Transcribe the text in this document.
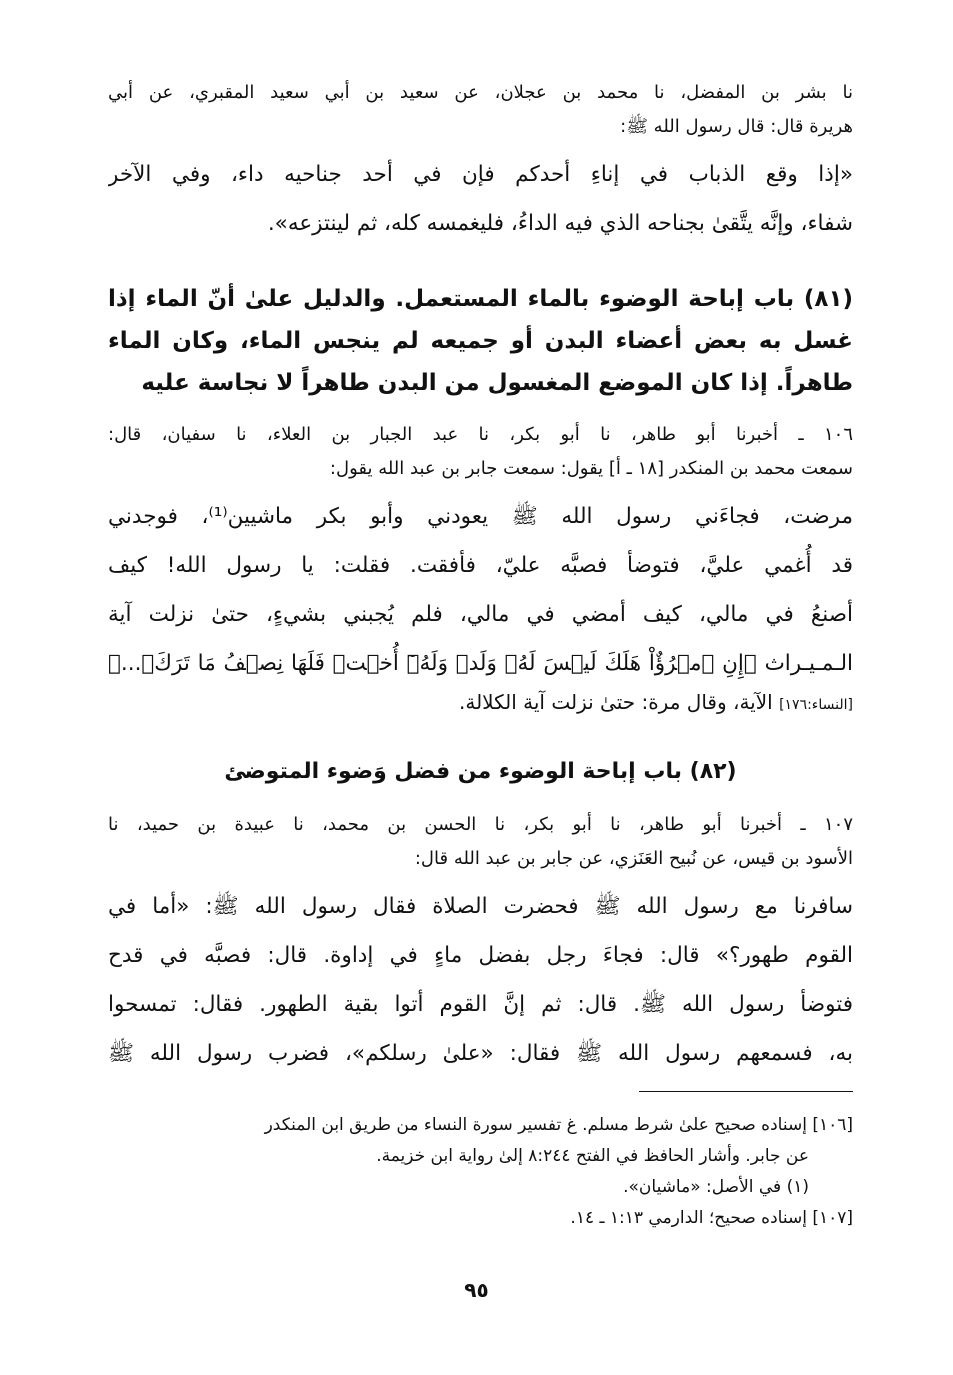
نا بشر بن المفضل، نا محمد بن عجلان، عن سعيد بن أبي سعيد المقبري، عن أبي
هريرة قال: قال رسول الله ﷺ:
«إذا وقع الذباب في إناءِ أحدكم فإن في أحد جناحيه داء، وفي الآخر
شفاء، وإنَّه يتَّقىٰ بجناحه الذي فيه الداءُ، فليغمسه كله، ثم لينتزعه».
(٨١) باب إباحة الوضوء بالماء المستعمل. والدليل علىٰ أنّ الماء إذا
غسل به بعض أعضاء البدن أو جميعه لم ينجس الماء، وكان الماء
طاهراً. إذا كان الموضع المغسول من البدن طاهراً لا نجاسة عليه
١٠٦ ـ أخبرنا أبو طاهر، نا أبو بكر، نا عبد الجبار بن العلاء، نا سفيان، قال:
سمعت محمد بن المنكدر [١٨ ـ أ] يقول: سمعت جابر بن عبد الله يقول:
مرضت، فجاءَني رسول الله ﷺ يعودني وأبو بكر ماشيين⁽¹⁾، فوجدني
قد أُغمي عليَّ، فتوضأ فصبَّه عليّ، فأفقت. فقلت: يا رسول الله! كيف
أصنعُ في مالي، كيف أمضي في مالي، فلم يُجبني بشيءٍ، حتىٰ نزلت آية
الـمـيـراث ﴿إِنِ ٱمۡرُؤٌاْ هَلَكَ لَيۡسَ لَهُۥ وَلَدٞ وَلَهُۥٓ أُخۡتٞ فَلَهَا نِصۡفُ مَا تَرَكَۚ...﴾
[النساء:١٧٦] الآية، وقال مرة: حتىٰ نزلت آية الكلالة.
(٨٢) باب إباحة الوضوء من فضل وَضوء المتوضئ
١٠٧ ـ أخبرنا أبو طاهر، نا أبو بكر، نا الحسن بن محمد، نا عبيدة بن حميد، نا
الأسود بن قيس، عن نُبيح العَنَزي، عن جابر بن عبد الله قال:
سافرنا مع رسول الله ﷺ فحضرت الصلاة فقال رسول الله ﷺ: «أما في
القوم طهور؟» قال: فجاءَ رجل بفضل ماءٍ في إداوة. قال: فصبَّه في قدح
فتوضأ رسول الله ﷺ. قال: ثم إنَّ القوم أتوا بقية الطهور. فقال: تمسحوا
به، فسمعهم رسول الله ﷺ فقال: «علىٰ رسلكم»، فضرب رسول الله ﷺ
[١٠٦] إسناده صحيح علىٰ شرط مسلم. غ تفسير سورة النساء من طريق ابن المنكدر
عن جابر. وأشار الحافظ في الفتح ٨:٢٤٤ إلىٰ رواية ابن خزيمة.
(١) في الأصل: «ماشيان».
[١٠٧] إسناده صحيح؛ الدارمي ١:١٣ ـ ١٤.
٩٥
